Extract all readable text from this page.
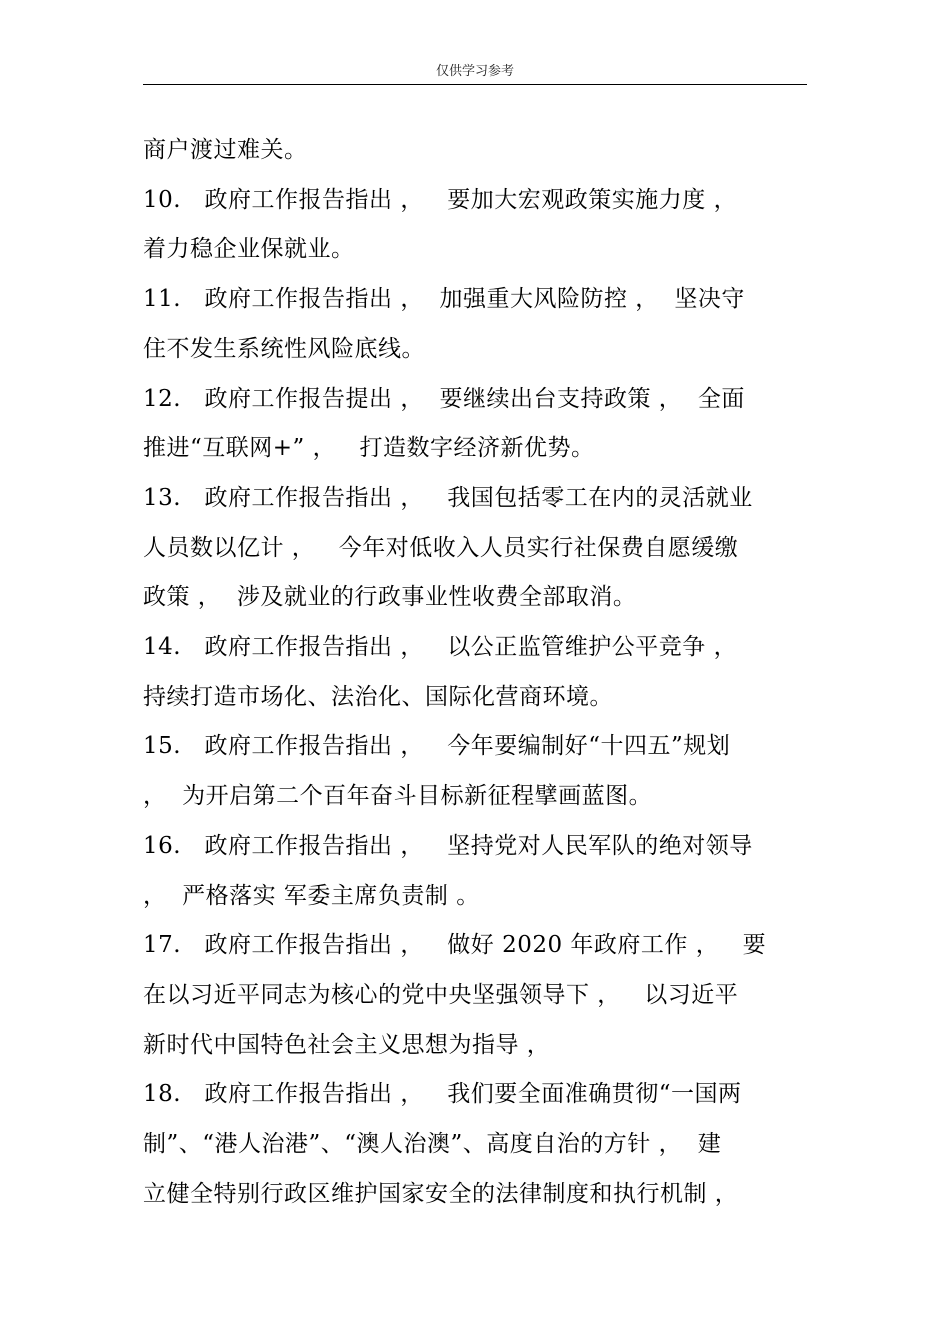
仅供学习参考

商户渡过难关。

10.   政府工作报告指出 ，   要加大宏观政策实施力度 ，

着力稳企业保就业。

11.   政府工作报告指出 ，  加强重大风险防控 ，  坚决守

住不发生系统性风险底线。

12.   政府工作报告提出 ，  要继续出台支持政策 ，  全面

推进“互联网+” ，   打造数字经济新优势。

13.   政府工作报告指出 ，   我国包括零工在内的灵活就业

人员数以亿计 ，   今年对低收入人员实行社保费自愿缓缴

政策 ，  涉及就业的行政事业性收费全部取消。

14.   政府工作报告指出 ，   以公正监管维护公平竞争 ，

持续打造市场化、法治化、国际化营商环境。

15.   政府工作报告指出 ，   今年要编制好“十四五”规划

，  为开启第二个百年奋斗目标新征程擘画蓝图。

16.   政府工作报告指出 ，   坚持党对人民军队的绝对领导

，  严格落实 军委主席负责制 。

17.   政府工作报告指出 ，   做好 2020 年政府工作 ，   要

在以习近平同志为核心的党中央坚强领导下 ，   以习近平

新时代中国特色社会主义思想为指导 ，

18.   政府工作报告指出 ，   我们要全面准确贯彻“一国两

制”、“港人治港”、“澳人治澳”、高度自治的方针 ，  建

立健全特别行政区维护国家安全的法律制度和执行机制 ，
